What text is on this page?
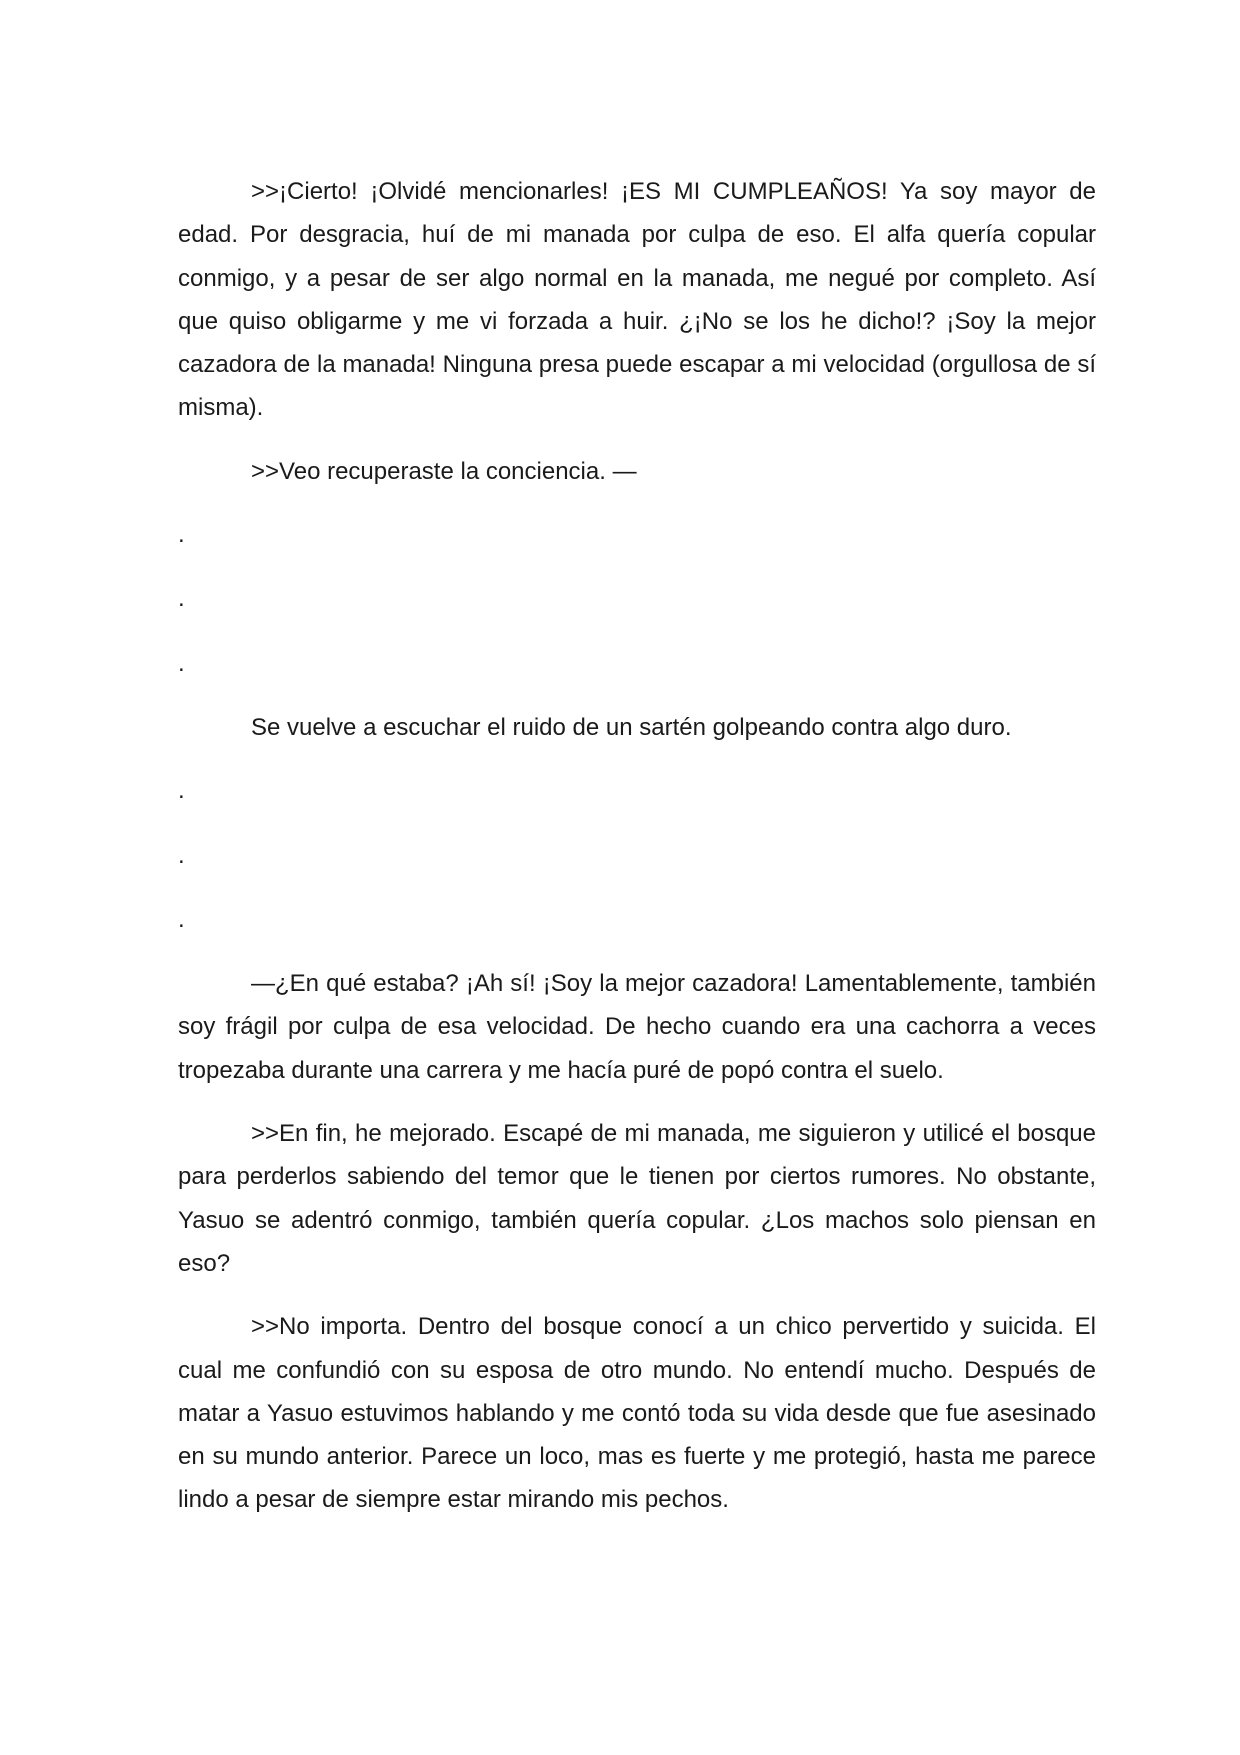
>>¡Cierto! ¡Olvidé mencionarles! ¡ES MI CUMPLEAÑOS! Ya soy mayor de edad. Por desgracia, huí de mi manada por culpa de eso. El alfa quería copular conmigo, y a pesar de ser algo normal en la manada, me negué por completo. Así que quiso obligarme y me vi forzada a huir. ¿¡No se los he dicho!? ¡Soy la mejor cazadora de la manada! Ninguna presa puede escapar a mi velocidad (orgullosa de sí misma).

>>Veo recuperaste la conciencia. —

.

.

.

Se vuelve a escuchar el ruido de un sartén golpeando contra algo duro.

.

.

.

—¿En qué estaba? ¡Ah sí! ¡Soy la mejor cazadora! Lamentablemente, también soy frágil por culpa de esa velocidad. De hecho cuando era una cachorra a veces tropezaba durante una carrera y me hacía puré de popó contra el suelo.

>>En fin, he mejorado. Escapé de mi manada, me siguieron y utilicé el bosque para perderlos sabiendo del temor que le tienen por ciertos rumores. No obstante, Yasuo se adentró conmigo, también quería copular. ¿Los machos solo piensan en eso?

>>No importa. Dentro del bosque conocí a un chico pervertido y suicida. El cual me confundió con su esposa de otro mundo. No entendí mucho. Después de matar a Yasuo estuvimos hablando y me contó toda su vida desde que fue asesinado en su mundo anterior. Parece un loco, mas es fuerte y me protegió, hasta me parece lindo a pesar de siempre estar mirando mis pechos.
